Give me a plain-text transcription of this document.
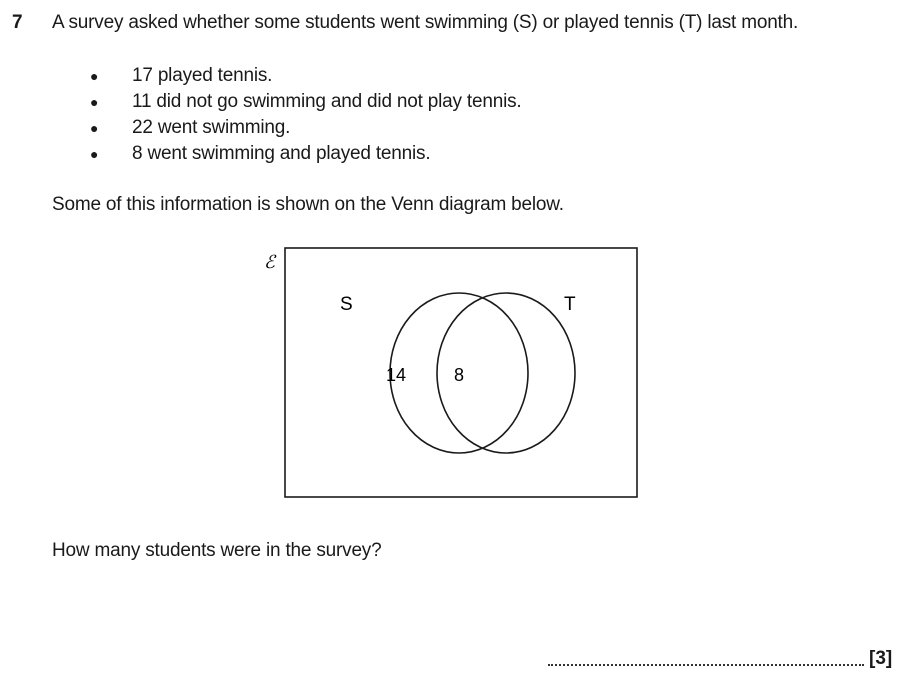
7 A survey asked whether some students went swimming (S) or played tennis (T) last month.
● 17 played tennis.
● 11 did not go swimming and did not play tennis.
● 22 went swimming.
● 8 went swimming and played tennis.
Some of this information is shown on the Venn diagram below.
ℰ
S	T
14	8
How many students were in the survey?
[3]
